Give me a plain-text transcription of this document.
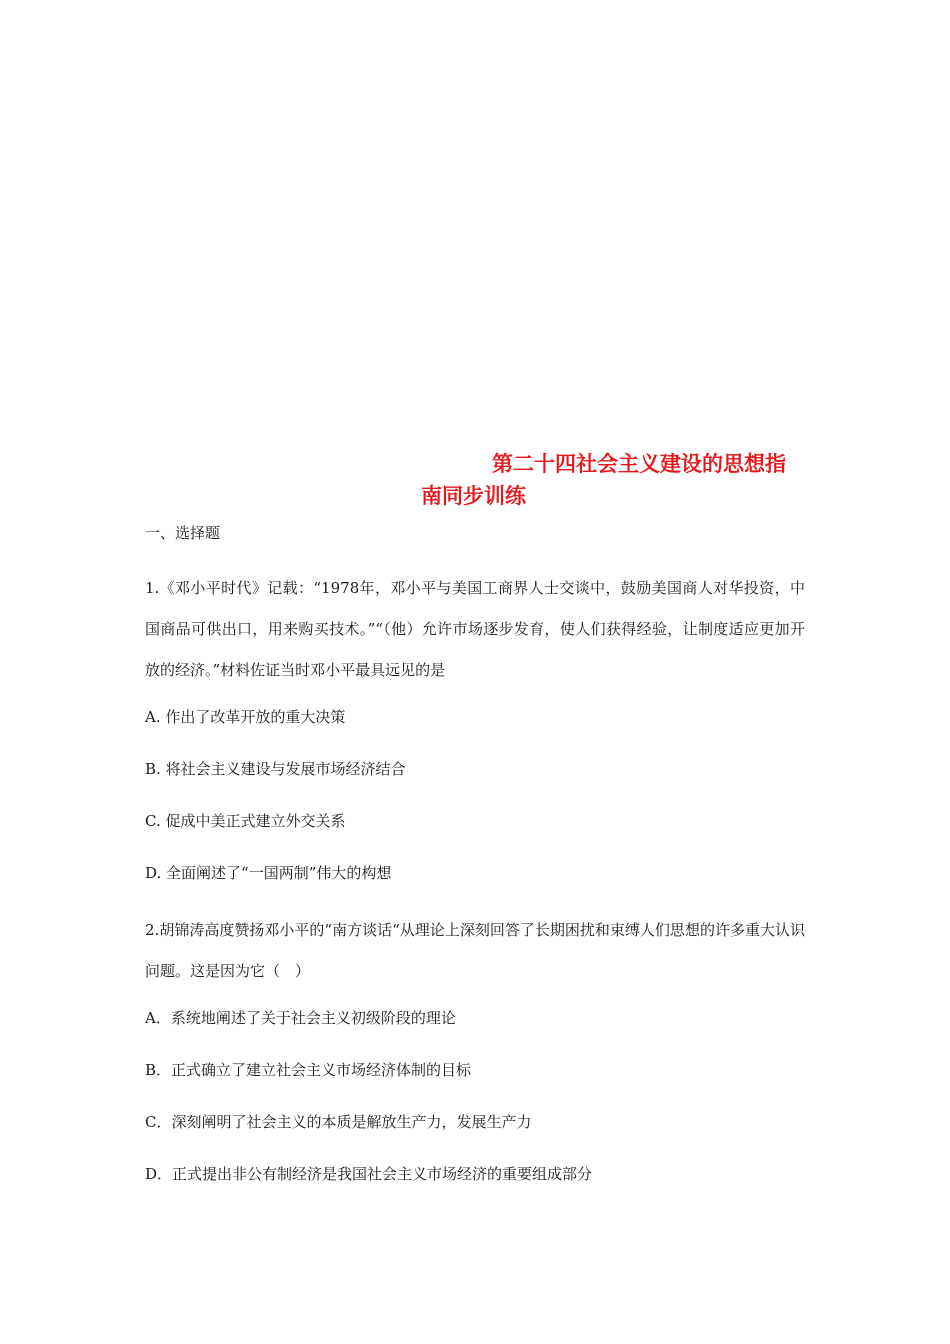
第二十四社会主义建设的思想指
南同步训练
一、选择题
1.《邓小平时代》记载：“1978年，邓小平与美国工商界人士交谈中，鼓励美国商人对华投资，中国商品可供出口，用来购买技术。”“（他）允许市场逐步发育，使人们获得经验，让制度适应更加开放的经济。”材料佐证当时邓小平最具远见的是
A. 作出了改革开放的重大决策
B. 将社会主义建设与发展市场经济结合
C. 促成中美正式建立外交关系
D. 全面阐述了“一国两制”伟大的构想
2.胡锦涛高度赞扬邓小平的“南方谈话“从理论上深刻回答了长期困扰和束缚人们思想的许多重大认识问题。这是因为它（　）
A．系统地阐述了关于社会主义初级阶段的理论
B．正式确立了建立社会主义市场经济体制的目标
C．深刻阐明了社会主义的本质是解放生产力，发展生产力
D．正式提出非公有制经济是我国社会主义市场经济的重要组成部分
